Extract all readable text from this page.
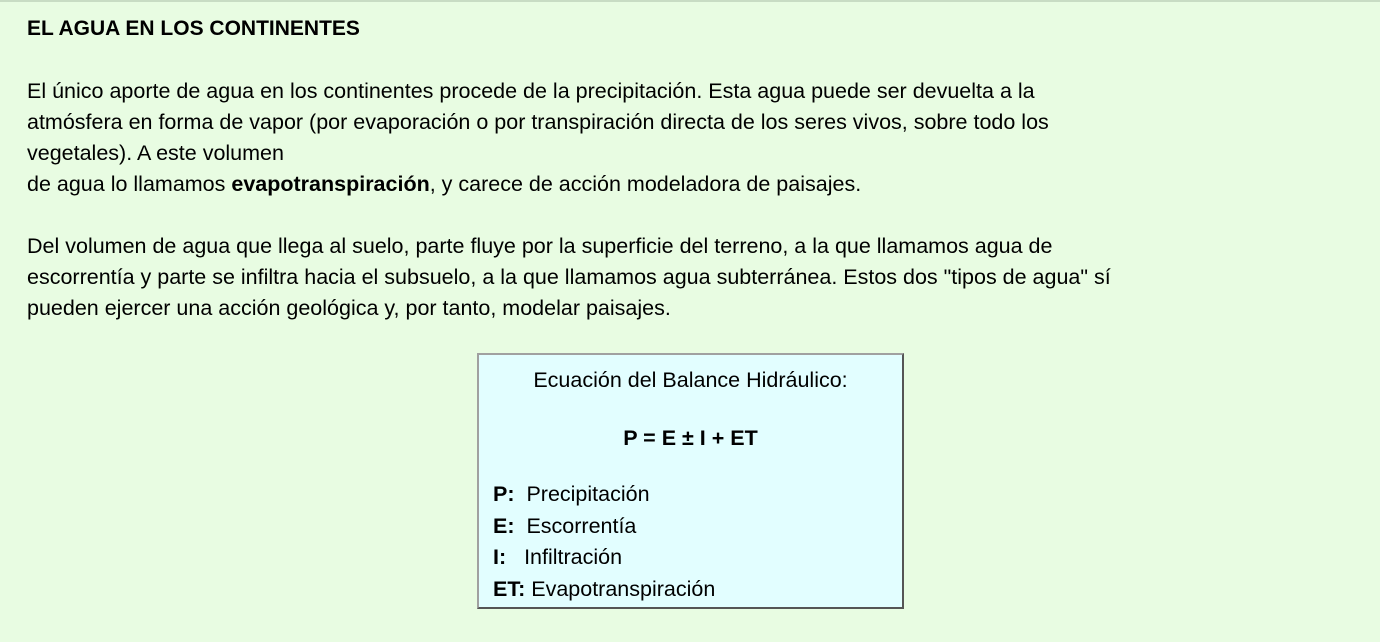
EL AGUA EN LOS CONTINENTES

El único aporte de agua en los continentes procede de la precipitación. Esta agua puede ser devuelta a la
atmósfera en forma de vapor (por evaporación o por transpiración directa de los seres vivos, sobre todo los
vegetales). A este volumen
de agua lo llamamos evapotranspiración, y carece de acción modeladora de paisajes.

Del volumen de agua que llega al suelo, parte fluye por la superficie del terreno, a la que llamamos agua de
escorrentía y parte se infiltra hacia el subsuelo, a la que llamamos agua subterránea. Estos dos "tipos de agua" sí
pueden ejercer una acción geológica y, por tanto, modelar paisajes.

Ecuación del Balance Hidráulico:
P = E ± I + ET
P: Precipitación
E: Escorrentía
I: Infiltración
ET: Evapotranspiración
